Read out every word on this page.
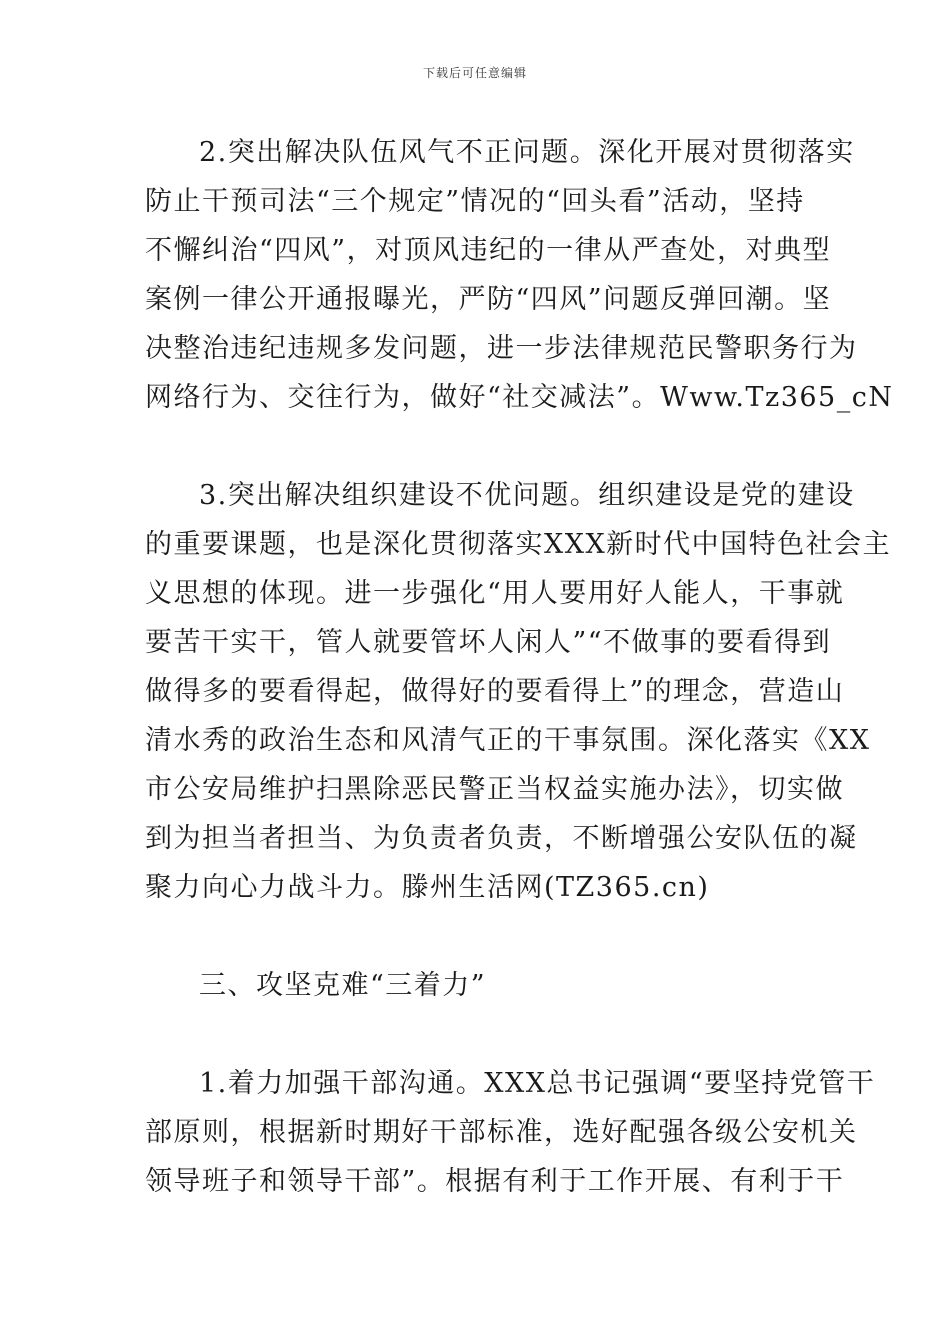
下载后可任意编辑
2.突出解决队伍风气不正问题。深化开展对贯彻落实
防止干预司法“三个规定”情况的“回头看”活动，坚持
不懈纠治“四风”，对顶风违纪的一律从严查处，对典型
案例一律公开通报曝光，严防“四风”问题反弹回潮。坚
决整治违纪违规多发问题，进一步法律规范民警职务行为
网络行为、交往行为，做好“社交减法”。Www.Tz365_cN
3.突出解决组织建设不优问题。组织建设是党的建设
的重要课题，也是深化贯彻落实XXX新时代中国特色社会主
义思想的体现。进一步强化“用人要用好人能人，干事就
要苦干实干，管人就要管坏人闲人”“不做事的要看得到
做得多的要看得起，做得好的要看得上”的理念，营造山
清水秀的政治生态和风清气正的干事氛围。深化落实《XX
市公安局维护扫黑除恶民警正当权益实施办法》，切实做
到为担当者担当、为负责者负责，不断增强公安队伍的凝
聚力向心力战斗力。滕州生活网(TZ365.cn)
三、攻坚克难“三着力”
1.着力加强干部沟通。XXX总书记强调“要坚持党管干
部原则，根据新时期好干部标准，选好配强各级公安机关
领导班子和领导干部”。根据有利于工作开展、有利于干
